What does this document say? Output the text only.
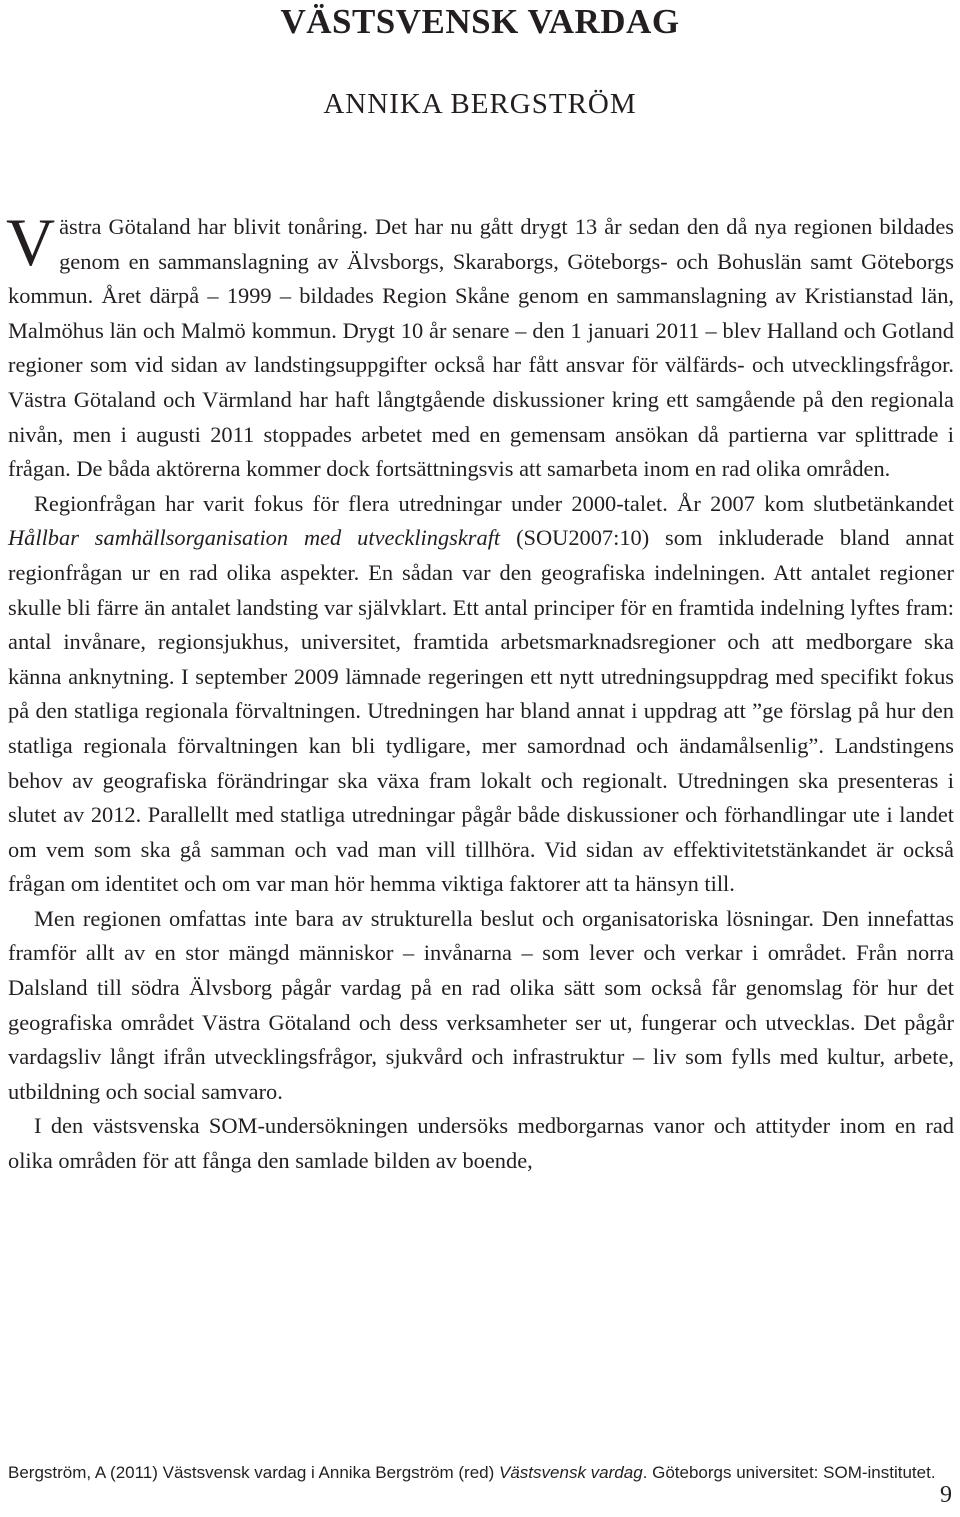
VÄSTSVENSK VARDAG
ANNIKA BERGSTRÖM

Västra Götaland har blivit tonåring. Det har nu gått drygt 13 år sedan den då nya regionen bildades genom en sammanslagning av Älvsborgs, Skaraborgs, Göteborgs- och Bohuslän samt Göteborgs kommun. Året därpå – 1999 – bildades Region Skåne genom en sammanslagning av Kristianstad län, Malmöhus län och Malmö kommun. Drygt 10 år senare – den 1 januari 2011 – blev Halland och Gotland regioner som vid sidan av landstingsuppgifter också har fått ansvar för välfärds- och utvecklingsfrågor. Västra Götaland och Värmland har haft långtgående diskussioner kring ett samgående på den regionala nivån, men i augusti 2011 stoppades arbetet med en gemensam ansökan då partierna var splittrade i frågan. De båda aktörerna kommer dock fortsättningsvis att samarbeta inom en rad olika områden.

Regionfrågan har varit fokus för flera utredningar under 2000-talet. År 2007 kom slutbetänkandet Hållbar samhällsorganisation med utvecklingskraft (SOU2007:10) som inkluderade bland annat regionfrågan ur en rad olika aspekter. En sådan var den geografiska indelningen. Att antalet regioner skulle bli färre än antalet landsting var självklart. Ett antal principer för en framtida indelning lyftes fram: antal invånare, regionsjukhus, universitet, framtida arbetsmarknadsregioner och att medborgare ska känna anknytning. I september 2009 lämnade regeringen ett nytt utredningsuppdrag med specifikt fokus på den statliga regionala förvaltningen. Utredningen har bland annat i uppdrag att ”ge förslag på hur den statliga regionala förvaltningen kan bli tydligare, mer samordnad och ändamålsenlig”. Landstingens behov av geografiska förändringar ska växa fram lokalt och regionalt. Utredningen ska presenteras i slutet av 2012. Parallellt med statliga utredningar pågår både diskussioner och förhandlingar ute i landet om vem som ska gå samman och vad man vill tillhöra. Vid sidan av effektivitetstänkandet är också frågan om identitet och om var man hör hemma viktiga faktorer att ta hänsyn till.

Men regionen omfattas inte bara av strukturella beslut och organisatoriska lösningar. Den innefattas framför allt av en stor mängd människor – invånarna – som lever och verkar i området. Från norra Dalsland till södra Älvsborg pågår vardag på en rad olika sätt som också får genomslag för hur det geografiska området Västra Götaland och dess verksamheter ser ut, fungerar och utvecklas. Det pågår vardagsliv långt ifrån utvecklingsfrågor, sjukvård och infrastruktur – liv som fylls med kultur, arbete, utbildning och social samvaro.

I den västsvenska SOM-undersökningen undersöks medborgarnas vanor och attityder inom en rad olika områden för att fånga den samlade bilden av boende,

Bergström, A (2011) Västsvensk vardag i Annika Bergström (red) Västsvensk vardag. Göteborgs universitet: SOM-institutet.
9
